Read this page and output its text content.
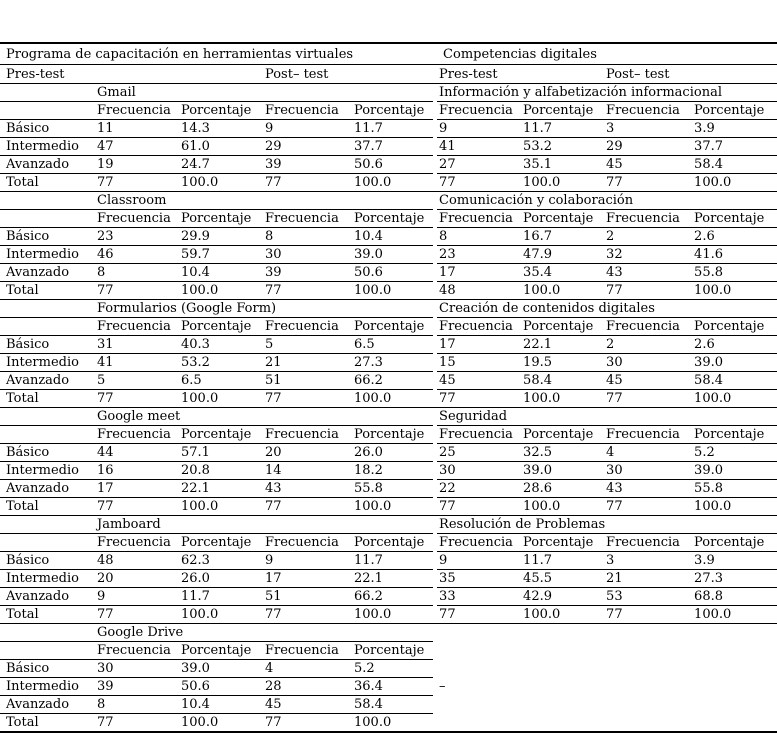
Programa de capacitación en herramientas virtuales						Competencias digitales			
Pres-test			Post– test			Pres-test		Post– test	
	Gmail					Información y alfabetización informacional			
	Frecuencia	Porcentaje	Frecuencia	Porcentaje		Frecuencia	Porcentaje	Frecuencia	Porcentaje
Básico	11	14.3	9	11.7		9	11.7	3	3.9
Intermedio	47	61.0	29	37.7		41	53.2	29	37.7
Avanzado	19	24.7	39	50.6		27	35.1	45	58.4
Total	77	100.0	77	100.0		77	100.0	77	100.0
	Classroom					Comunicación y colaboración			
	Frecuencia	Porcentaje	Frecuencia	Porcentaje		Frecuencia	Porcentaje	Frecuencia	Porcentaje
Básico	23	29.9	8	10.4		8	16.7	2	2.6
Intermedio	46	59.7	30	39.0		23	47.9	32	41.6
Avanzado	8	10.4	39	50.6		17	35.4	43	55.8
Total	77	100.0	77	100.0		48	100.0	77	100.0
	Formularios (Google Form)					Creación de contenidos digitales			
	Frecuencia	Porcentaje	Frecuencia	Porcentaje		Frecuencia	Porcentaje	Frecuencia	Porcentaje
Básico	31	40.3	5	6.5		17	22.1	2	2.6
Intermedio	41	53.2	21	27.3		15	19.5	30	39.0
Avanzado	5	6.5	51	66.2		45	58.4	45	58.4
Total	77	100.0	77	100.0		77	100.0	77	100.0
	Google meet					Seguridad			
	Frecuencia	Porcentaje	Frecuencia	Porcentaje		Frecuencia	Porcentaje	Frecuencia	Porcentaje
Básico	44	57.1	20	26.0		25	32.5	4	5.2
Intermedio	16	20.8	14	18.2		30	39.0	30	39.0
Avanzado	17	22.1	43	55.8		22	28.6	43	55.8
Total	77	100.0	77	100.0		77	100.0	77	100.0
	Jamboard					Resolución de Problemas			
	Frecuencia	Porcentaje	Frecuencia	Porcentaje		Frecuencia	Porcentaje	Frecuencia	Porcentaje
Básico	48	62.3	9	11.7		9	11.7	3	3.9
Intermedio	20	26.0	17	22.1		35	45.5	21	27.3
Avanzado	9	11.7	51	66.2		33	42.9	53	68.8
Total	77	100.0	77	100.0		77	100.0	77	100.0
	Google Drive								
	Frecuencia	Porcentaje	Frecuencia	Porcentaje					
Básico	30	39.0	4	5.2					
Intermedio	39	50.6	28	36.4		–			
Avanzado	8	10.4	45	58.4					
Total	77	100.0	77	100.0					
